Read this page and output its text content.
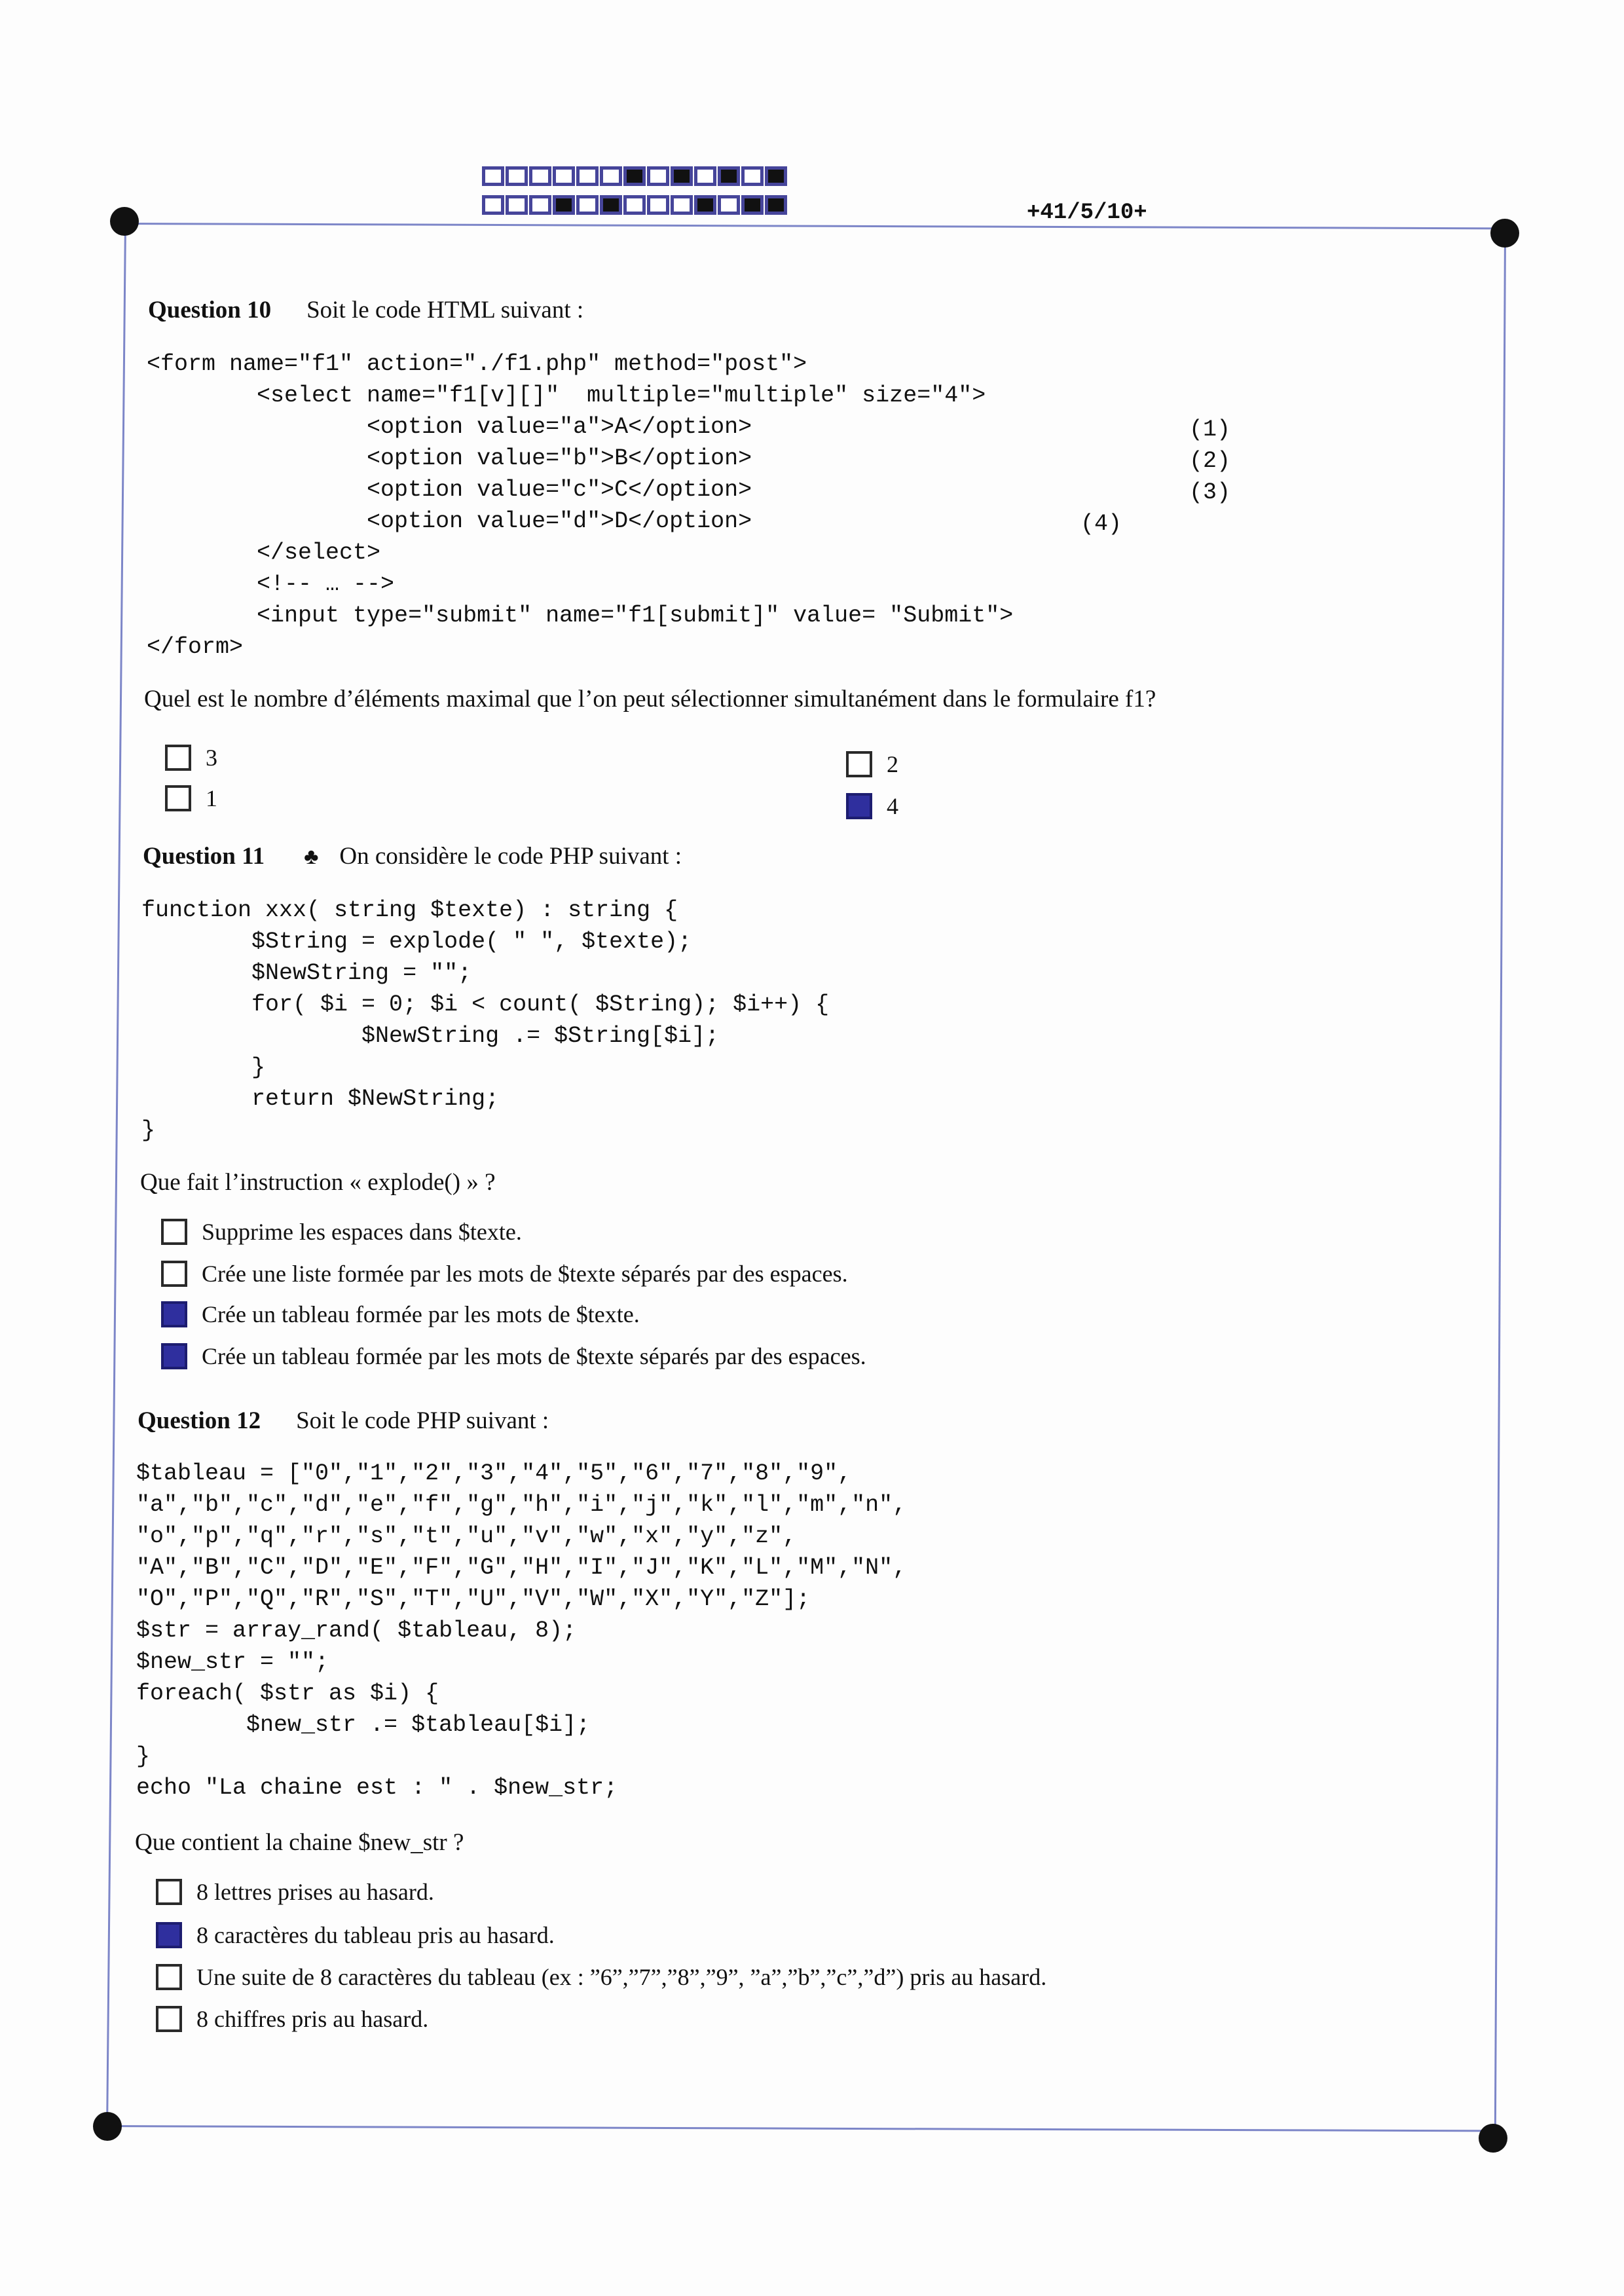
+41/5/10+
Question 10 Soit le code HTML suivant :
<form name="f1" action="./f1.php" method="post">
<select name="f1[v][]"  multiple="multiple" size="4">
<option value="a">A</option>
<option value="b">B</option>
<option value="c">C</option>
<option value="d">D</option>
</select>
<!-- … -->
<input type="submit" name="f1[submit]" value= "Submit">
</form>
(1)
(2)
(3)
(4)
Quel est le nombre d’éléments maximal que l’on peut sélectionner simultanément dans le formulaire f1?
3
1
2
4
Question 11 ♣ On considère le code PHP suivant :
function xxx( string $texte) : string {
$String = explode( " ", $texte);
$NewString = "";
for( $i = 0; $i < count( $String); $i++) {
$NewString .= $String[$i];
}
return $NewString;
}
Que fait l’instruction « explode() » ?
Supprime les espaces dans $texte.
Crée une liste formée par les mots de $texte séparés par des espaces.
Crée un tableau formée par les mots de $texte.
Crée un tableau formée par les mots de $texte séparés par des espaces.
Question 12 Soit le code PHP suivant :
$tableau = ["0","1","2","3","4","5","6","7","8","9",
"a","b","c","d","e","f","g","h","i","j","k","l","m","n",
"o","p","q","r","s","t","u","v","w","x","y","z",
"A","B","C","D","E","F","G","H","I","J","K","L","M","N",
"O","P","Q","R","S","T","U","V","W","X","Y","Z"];
$str = array_rand( $tableau, 8);
$new_str = "";
foreach( $str as $i) {
$new_str .= $tableau[$i];
}
echo "La chaine est : " . $new_str;
Que contient la chaine $new_str ?
8 lettres prises au hasard.
8 caractères du tableau pris au hasard.
Une suite de 8 caractères du tableau (ex : ”6”,”7”,”8”,”9”, ”a”,”b”,”c”,”d”) pris au hasard.
8 chiffres pris au hasard.
